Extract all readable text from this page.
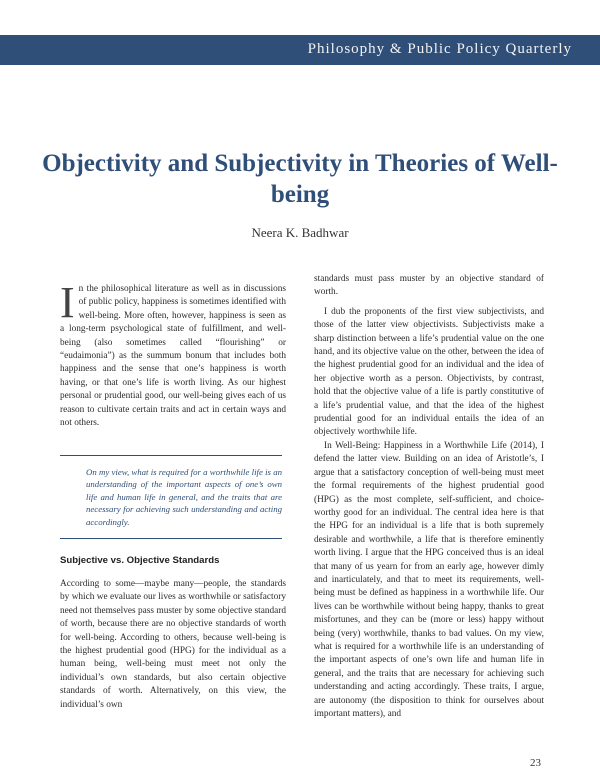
Philosophy & Public Policy Quarterly
Objectivity and Subjectivity in Theories of Well-being
Neera K. Badhwar

In the philosophical literature as well as in discussions of public policy, happiness is sometimes identified with well-being. More often, however, happiness is seen as a long-term psychological state of fulfillment, and well-being (also sometimes called “flourishing” or “eudaimonia”) as the summum bonum that includes both happiness and the sense that one’s happiness is worth having, or that one’s life is worth living. As our highest personal or prudential good, our well-being gives each of us reason to cultivate certain traits and act in certain ways and not others.

On my view, what is required for a worthwhile life is an understanding of the important aspects of one’s own life and human life in general, and the traits that are necessary for achieving such understanding and acting accordingly.

Subjective vs. Objective Standards

According to some—maybe many—people, the standards by which we evaluate our lives as worthwhile or satisfactory need not themselves pass muster by some objective standard of worth, because there are no objective standards of worth for well-being. According to others, because well-being is the highest prudential good (HPG) for the individual as a human being, well-being must meet not only the individual’s own standards, but also certain objective standards of worth. Alternatively, on this view, the individual’s own

standards must pass muster by an objective standard of worth.

I dub the proponents of the first view subjectivists, and those of the latter view objectivists. Subjectivists make a sharp distinction between a life’s prudential value on the one hand, and its objective value on the other, between the idea of the highest prudential good for an individual and the idea of her objective worth as a person. Objectivists, by contrast, hold that the objective value of a life is partly constitutive of a life’s prudential value, and that the idea of the highest prudential good for an individual entails the idea of an objectively worthwhile life.

In Well-Being: Happiness in a Worthwhile Life (2014), I defend the latter view. Building on an idea of Aristotle’s, I argue that a satisfactory conception of well-being must meet the formal requirements of the highest prudential good (HPG) as the most complete, self-sufficient, and choice-worthy good for an individual. The central idea here is that the HPG for an individual is a life that is both supremely desirable and worthwhile, a life that is therefore eminently worth living. I argue that the HPG conceived thus is an ideal that many of us yearn for from an early age, however dimly and inarticulately, and that to meet its requirements, well-being must be defined as happiness in a worthwhile life. Our lives can be worthwhile without being happy, thanks to great misfortunes, and they can be (more or less) happy without being (very) worthwhile, thanks to bad values. On my view, what is required for a worthwhile life is an understanding of the important aspects of one’s own life and human life in general, and the traits that are necessary for achieving such understanding and acting accordingly. These traits, I argue, are autonomy (the disposition to think for ourselves about important matters), and

23
